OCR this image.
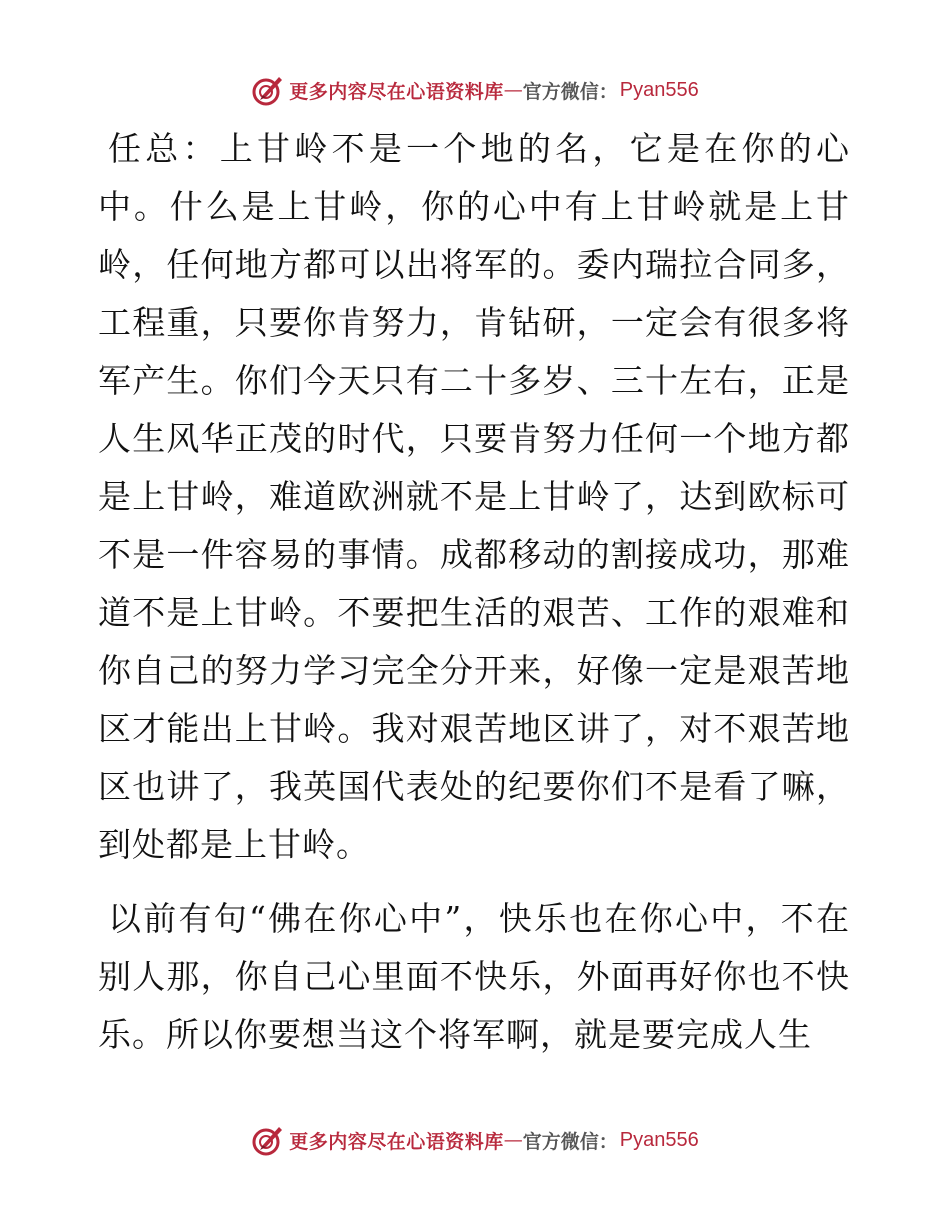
更多内容尽在心语资料库 — 官方微信： Pyan556

任总：上甘岭不是一个地的名，它是在你的心中。什么是上甘岭，你的心中有上甘岭就是上甘岭，任何地方都可以出将军的。委内瑞拉合同多，工程重，只要你肯努力，肯钻研，一定会有很多将军产生。你们今天只有二十多岁、三十左右，正是人生风华正茂的时代，只要肯努力任何一个地方都是上甘岭，难道欧洲就不是上甘岭了，达到欧标可不是一件容易的事情。成都移动的割接成功，那难道不是上甘岭。不要把生活的艰苦、工作的艰难和你自己的努力学习完全分开来，好像一定是艰苦地区才能出上甘岭。我对艰苦地区讲了，对不艰苦地区也讲了，我英国代表处的纪要你们不是看了嘛，到处都是上甘岭。

以前有句“佛在你心中”，快乐也在你心中，不在别人那，你自己心里面不快乐，外面再好你也不快乐。所以你要想当这个将军啊，就是要完成人生

更多内容尽在心语资料库 — 官方微信： Pyan556
